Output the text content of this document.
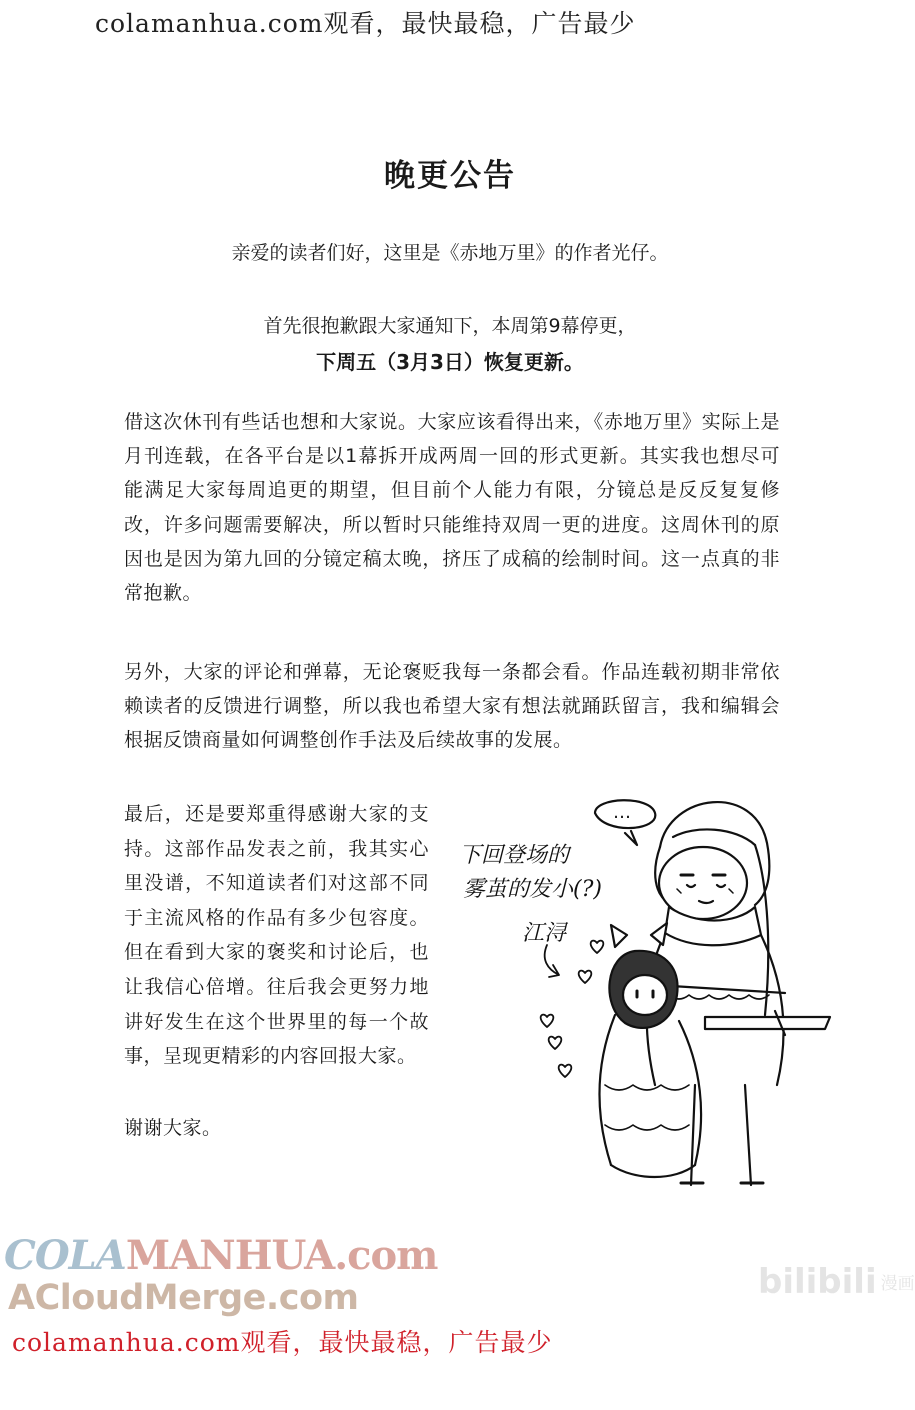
colamanhua.com观看，最快最稳，广告最少
晚更公告
亲爱的读者们好，这里是《赤地万里》的作者光仔。
首先很抱歉跟大家通知下，本周第9幕停更，
下周五（3月3日）恢复更新。

借这次休刊有些话也想和大家说。大家应该看得出来，《赤地万里》实际上是月刊连载，在各平台是以1幕拆开成两周一回的形式更新。其实我也想尽可能满足大家每周追更的期望，但目前个人能力有限，分镜总是反反复复修改，许多问题需要解决，所以暂时只能维持双周一更的进度。这周休刊的原因也是因为第九回的分镜定稿太晚，挤压了成稿的绘制时间。这一点真的非常抱歉。

另外，大家的评论和弹幕，无论褒贬我每一条都会看。作品连载初期非常依赖读者的反馈进行调整，所以我也希望大家有想法就踊跃留言，我和编辑会根据反馈商量如何调整创作手法及后续故事的发展。

最后，还是要郑重得感谢大家的支持。这部作品发表之前，我其实心里没谱，不知道读者们对这部不同于主流风格的作品有多少包容度。但在看到大家的褒奖和讨论后，也让我信心倍增。往后我会更努力地讲好发生在这个世界里的每一个故事，呈现更精彩的内容回报大家。

谢谢大家。

…
下回登场的
雾茧的发小(?)
江浔
COLAMANHUA.com
ACloudMerge.com	bilibili 漫画
colamanhua.com观看，最快最稳，广告最少
